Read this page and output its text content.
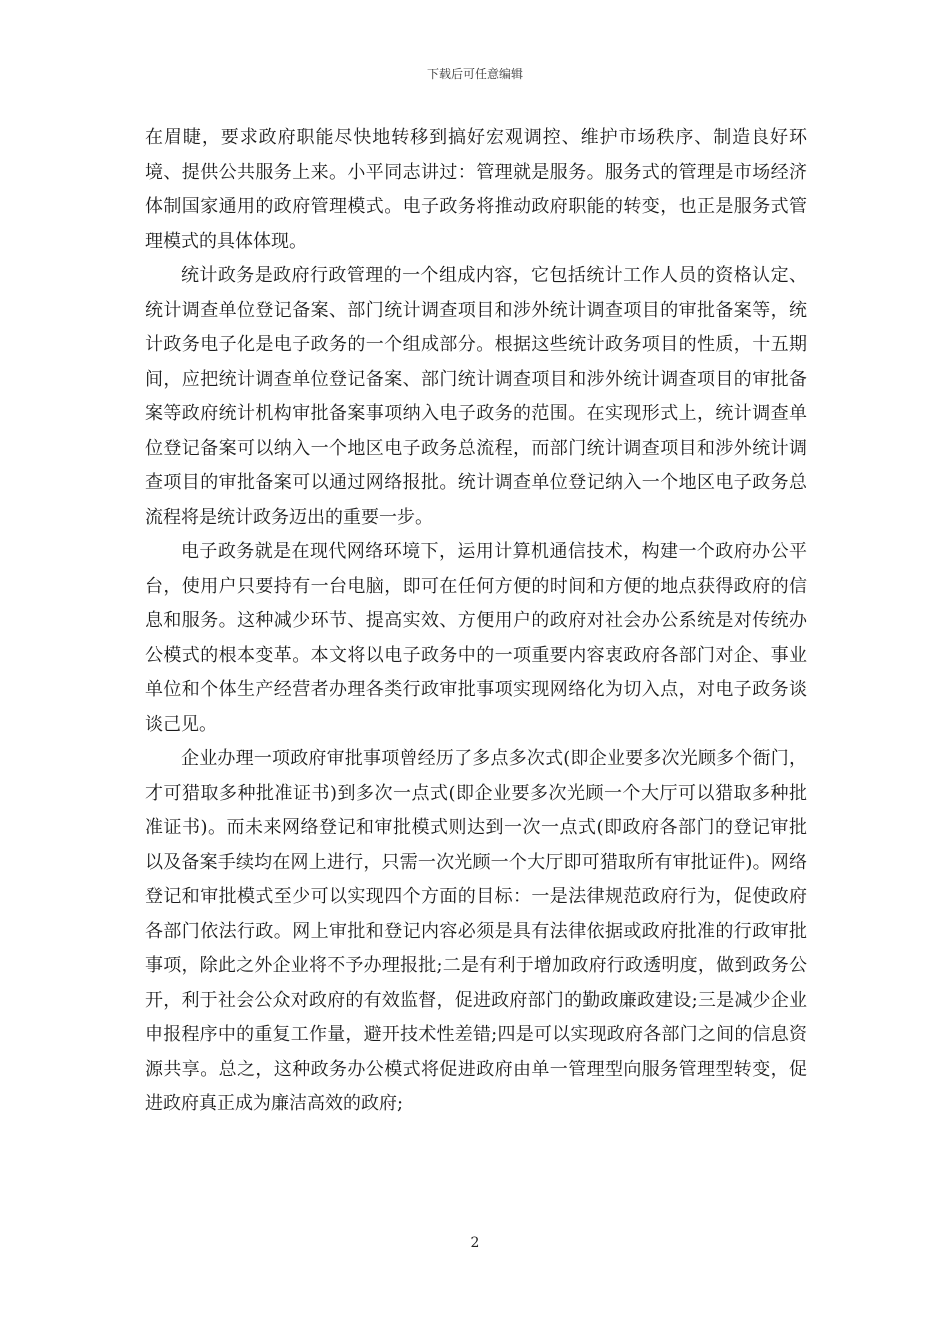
下载后可任意编辑

在眉睫，要求政府职能尽快地转移到搞好宏观调控、维护市场秩序、制造良好环境、提供公共服务上来。小平同志讲过：管理就是服务。服务式的管理是市场经济体制国家通用的政府管理模式。电子政务将推动政府职能的转变，也正是服务式管理模式的具体体现。

统计政务是政府行政管理的一个组成内容，它包括统计工作人员的资格认定、统计调查单位登记备案、部门统计调查项目和涉外统计调查项目的审批备案等，统计政务电子化是电子政务的一个组成部分。根据这些统计政务项目的性质，十五期间，应把统计调查单位登记备案、部门统计调查项目和涉外统计调查项目的审批备案等政府统计机构审批备案事项纳入电子政务的范围。在实现形式上，统计调查单位登记备案可以纳入一个地区电子政务总流程，而部门统计调查项目和涉外统计调查项目的审批备案可以通过网络报批。统计调查单位登记纳入一个地区电子政务总流程将是统计政务迈出的重要一步。

电子政务就是在现代网络环境下，运用计算机通信技术，构建一个政府办公平台，使用户只要持有一台电脑，即可在任何方便的时间和方便的地点获得政府的信息和服务。这种减少环节、提高实效、方便用户的政府对社会办公系统是对传统办公模式的根本变革。本文将以电子政务中的一项重要内容衷政府各部门对企、事业单位和个体生产经营者办理各类行政审批事项实现网络化为切入点，对电子政务谈谈己见。

企业办理一项政府审批事项曾经历了多点多次式(即企业要多次光顾多个衙门，才可猎取多种批准证书)到多次一点式(即企业要多次光顾一个大厅可以猎取多种批准证书)。而未来网络登记和审批模式则达到一次一点式(即政府各部门的登记审批以及备案手续均在网上进行，只需一次光顾一个大厅即可猎取所有审批证件)。网络登记和审批模式至少可以实现四个方面的目标：一是法律规范政府行为，促使政府各部门依法行政。网上审批和登记内容必须是具有法律依据或政府批准的行政审批事项，除此之外企业将不予办理报批;二是有利于增加政府行政透明度，做到政务公开，利于社会公众对政府的有效监督，促进政府部门的勤政廉政建设;三是减少企业申报程序中的重复工作量，避开技术性差错;四是可以实现政府各部门之间的信息资源共享。总之，这种政务办公模式将促进政府由单一管理型向服务管理型转变，促进政府真正成为廉洁高效的政府;

2
